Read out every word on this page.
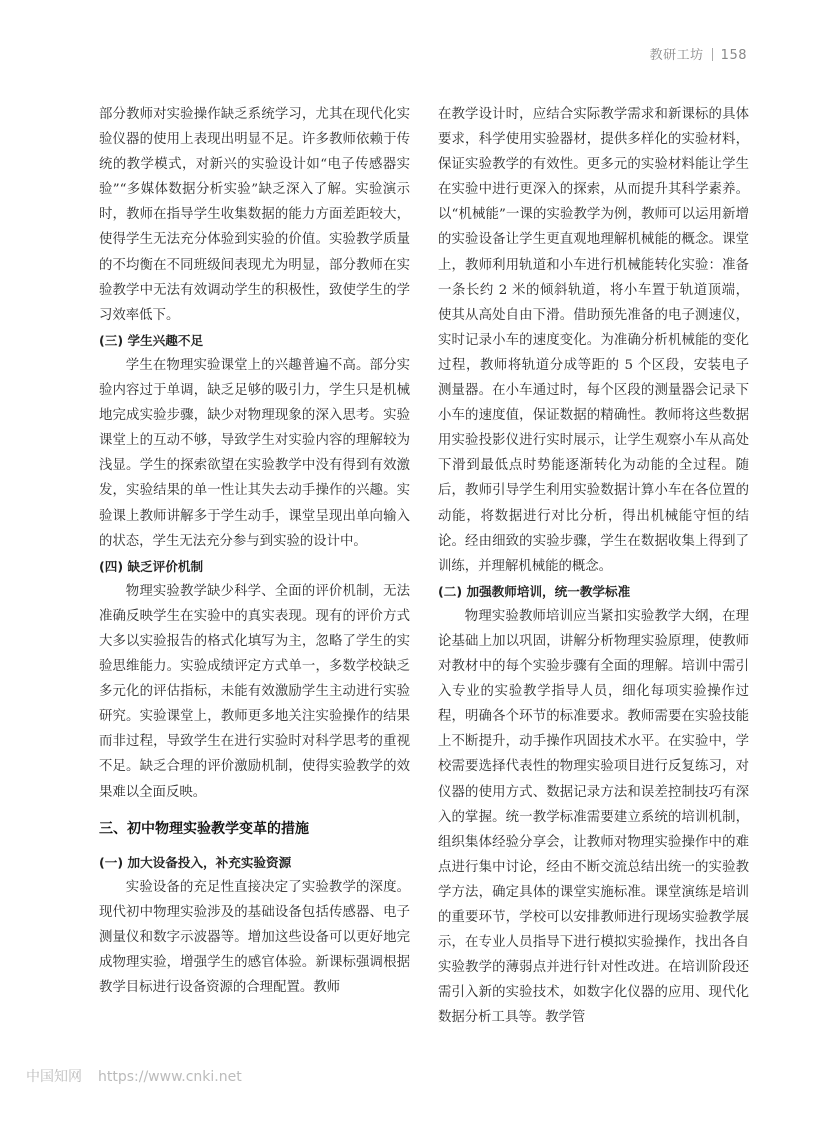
教研工坊 158

部分教师对实验操作缺乏系统学习，尤其在现代化实验仪器的使用上表现出明显不足。许多教师依赖于传统的教学模式，对新兴的实验设计如“电子传感器实验”“多媒体数据分析实验”缺乏深入了解。实验演示时，教师在指导学生收集数据的能力方面差距较大，使得学生无法充分体验到实验的价值。实验教学质量的不均衡在不同班级间表现尤为明显，部分教师在实验教学中无法有效调动学生的积极性，致使学生的学习效率低下。

(三) 学生兴趣不足

学生在物理实验课堂上的兴趣普遍不高。部分实验内容过于单调，缺乏足够的吸引力，学生只是机械地完成实验步骤，缺少对物理现象的深入思考。实验课堂上的互动不够，导致学生对实验内容的理解较为浅显。学生的探索欲望在实验教学中没有得到有效激发，实验结果的单一性让其失去动手操作的兴趣。实验课上教师讲解多于学生动手，课堂呈现出单向输入的状态，学生无法充分参与到实验的设计中。

(四) 缺乏评价机制

物理实验教学缺少科学、全面的评价机制，无法准确反映学生在实验中的真实表现。现有的评价方式大多以实验报告的格式化填写为主，忽略了学生的实验思维能力。实验成绩评定方式单一，多数学校缺乏多元化的评估指标，未能有效激励学生主动进行实验研究。实验课堂上，教师更多地关注实验操作的结果而非过程，导致学生在进行实验时对科学思考的重视不足。缺乏合理的评价激励机制，使得实验教学的效果难以全面反映。

三、初中物理实验教学变革的措施
(一) 加大设备投入，补充实验资源

实验设备的充足性直接决定了实验教学的深度。现代初中物理实验涉及的基础设备包括传感器、电子测量仪和数字示波器等。增加这些设备可以更好地完成物理实验，增强学生的感官体验。新课标强调根据教学目标进行设备资源的合理配置。教师

在教学设计时，应结合实际教学需求和新课标的具体要求，科学使用实验器材，提供多样化的实验材料，保证实验教学的有效性。更多元的实验材料能让学生在实验中进行更深入的探索，从而提升其科学素养。以“机械能”一课的实验教学为例，教师可以运用新增的实验设备让学生更直观地理解机械能的概念。课堂上，教师利用轨道和小车进行机械能转化实验：准备一条长约 2 米的倾斜轨道，将小车置于轨道顶端，使其从高处自由下滑。借助预先准备的电子测速仪，实时记录小车的速度变化。为准确分析机械能的变化过程，教师将轨道分成等距的 5 个区段，安装电子测量器。在小车通过时，每个区段的测量器会记录下小车的速度值，保证数据的精确性。教师将这些数据用实验投影仪进行实时展示，让学生观察小车从高处下滑到最低点时势能逐渐转化为动能的全过程。随后，教师引导学生利用实验数据计算小车在各位置的动能，将数据进行对比分析，得出机械能守恒的结论。经由细致的实验步骤，学生在数据收集上得到了训练，并理解机械能的概念。

(二) 加强教师培训，统一教学标准

物理实验教师培训应当紧扣实验教学大纲，在理论基础上加以巩固，讲解分析物理实验原理，使教师对教材中的每个实验步骤有全面的理解。培训中需引入专业的实验教学指导人员，细化每项实验操作过程，明确各个环节的标准要求。教师需要在实验技能上不断提升，动手操作巩固技术水平。在实验中，学校需要选择代表性的物理实验项目进行反复练习，对仪器的使用方式、数据记录方法和误差控制技巧有深入的掌握。统一教学标准需要建立系统的培训机制，组织集体经验分享会，让教师对物理实验操作中的难点进行集中讨论，经由不断交流总结出统一的实验教学方法，确定具体的课堂实施标准。课堂演练是培训的重要环节，学校可以安排教师进行现场实验教学展示，在专业人员指导下进行模拟实验操作，找出各自实验教学的薄弱点并进行针对性改进。在培训阶段还需引入新的实验技术，如数字化仪器的应用、现代化数据分析工具等。教学管

中国知网 https://www.cnki.net
